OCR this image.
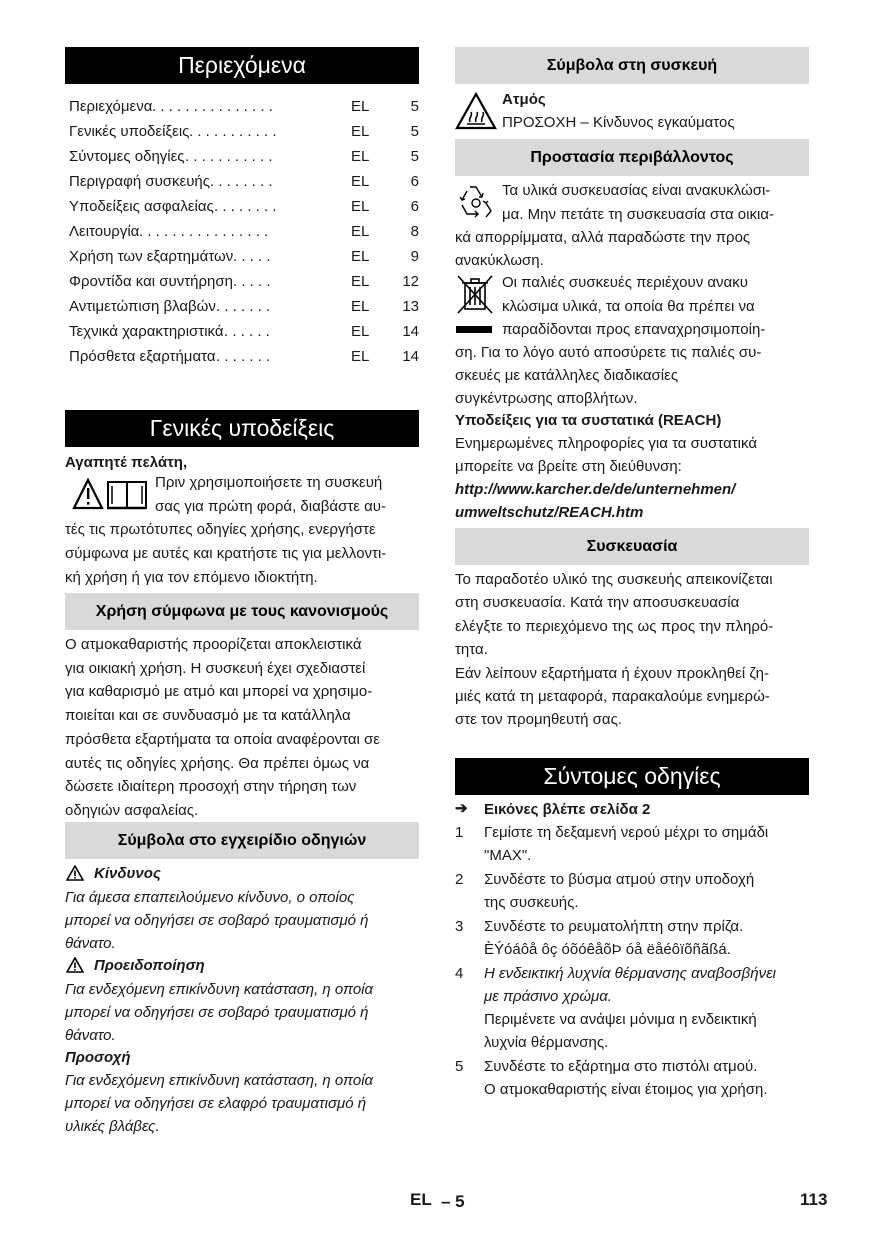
Περιεχόμενα
Περιεχόμενα . . . . . . . . . . . . . . .	EL	5
Γενικές υποδείξεις . . . . . . . . . . .	EL	5
Σύντομες οδηγίες . . . . . . . . . . .	EL	5
Περιγραφή συσκευής . . . . . . . .	EL	6
Υποδείξεις ασφαλείας . . . . . . . .	EL	6
Λειτουργία . . . . . . . . . . . . . . . .	EL	8
Χρήση των εξαρτημάτων . . . . .	EL	9
Φροντίδα και συντήρηση . . . . .	EL 12
Αντιμετώπιση βλαβών . . . . . . .	EL 13
Τεχνικά χαρακτηριστικά . . . . . .	EL 14
Πρόσθετα εξαρτήματα . . . . . . .	EL 14
Γενικές υποδείξεις
Αγαπητέ πελάτη,
Πριν χρησιμοποιήσετε τη συσκευή
σας για πρώτη φορά, διαβάστε αυ-
τές τις πρωτότυπες οδηγίες χρήσης, ενεργήστε
σύμφωνα με αυτές και κρατήστε τις για μελλοντι-
κή χρήση ή για τον επόμενο ιδιοκτήτη.
Χρήση σύμφωνα με τους κανονισμούς
Ο ατμοκαθαριστής προορίζεται αποκλειστικά
για οικιακή χρήση. Η συσκευή έχει σχεδιαστεί
για καθαρισμό με ατμό και μπορεί να χρησιμο-
ποιείται και σε συνδυασμό με τα κατάλληλα
πρόσθετα εξαρτήματα τα οποία αναφέρονται σε
αυτές τις οδηγίες χρήσης. Θα πρέπει όμως να
δώσετε ιδιαίτερη προσοχή στην τήρηση των
οδηγιών ασφαλείας.
Σύμβολα στο εγχειρίδιο οδηγιών
Κίνδυνος
Για άμεσα επαπειλούμενο κίνδυνο, ο οποίος
μπορεί να οδηγήσει σε σοβαρό τραυματισμό ή
θάνατο.
Προειδοποίηση
Για ενδεχόμενη επικίνδυνη κατάσταση, η οποία
μπορεί να οδηγήσει σε σοβαρό τραυματισμό ή
θάνατο.
Προσοχή
Για ενδεχόμενη επικίνδυνη κατάσταση, η οποία
μπορεί να οδηγήσει σε ελαφρό τραυματισμό ή
υλικές βλάβες.
Σύμβολα στη συσκευή
Ατμός
ΠΡΟΣΟΧΗ – Κίνδυνος εγκαύματος
Προστασία περιβάλλοντος
Τα υλικά συσκευασίας είναι ανακυκλώσι-
μα. Μην πετάτε τη συσκευασία στα οικια-
κά απορρίμματα, αλλά παραδώστε την προς
ανακύκλωση.
Οι παλιές συσκευές περιέχουν ανακυ
κλώσιμα υλικά, τα οποία θα πρέπει να
παραδίδονται προς επαναχρησιμοποίη-
ση. Για το λόγο αυτό αποσύρετε τις παλιές συ-
σκευές με κατάλληλες διαδικασίες
συγκέντρωσης αποβλήτων.
Υποδείξεις για τα συστατικά (REACH)
Ενημερωμένες πληροφορίες για τα συστατικά
μπορείτε να βρείτε στη διεύθυνση:
http://www.karcher.de/de/unternehmen/
umweltschutz/REACH.htm
Συσκευασία
Το παραδοτέο υλικό της συσκευής απεικονίζεται
στη συσκευασία. Κατά την αποσυσκευασία
ελέγξτε το περιεχόμενο της ως προς την πληρό-
τητα.
Εάν λείπουν εξαρτήματα ή έχουν προκληθεί ζη-
μιές κατά τη μεταφορά, παρακαλούμε ενημερώ-
στε τον προμηθευτή σας.
Σύντομες οδηγίες
➔ Εικόνες βλέπε σελίδα 2
1 Γεμίστε τη δεξαμενή νερού μέχρι το σημάδι
"MAX".
2 Συνδέστε το βύσμα ατμού στην υποδοχή
της συσκευής.
3 Συνδέστε το ρευματολήπτη στην πρίζα.
ÈÝóáôå ôç óõóêåõÞ óå ëåéôïõñãßá.
4 Η ενδεικτική λυχνία θέρμανσης αναβοσβήνει
με πράσινο χρώμα.
Περιμένετε να ανάψει μόνιμα η ενδεικτική
λυχνία θέρμανσης.
5 Συνδέστε το εξάρτημα στο πιστόλι ατμού.
Ο ατμοκαθαριστής είναι έτοιμος για χρήση.
EL – 5	113
